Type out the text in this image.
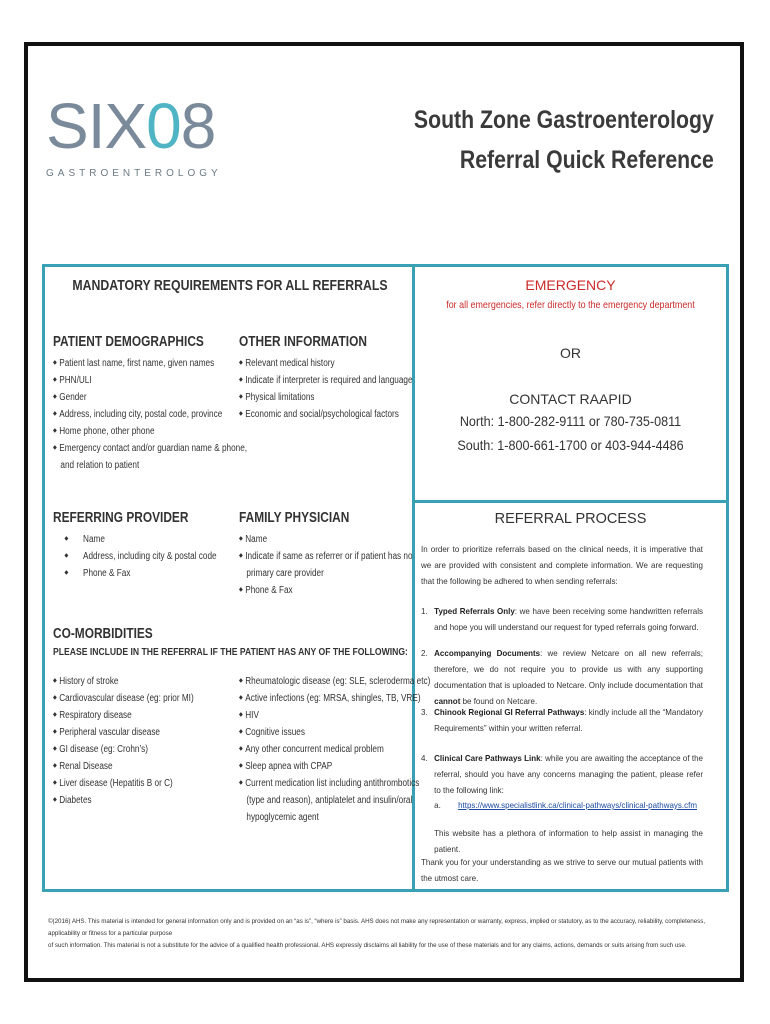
SIX 0 8
GASTROENTEROLOGY
South Zone Gastroenterology
Referral Quick Reference
MANDATORY REQUIREMENTS FOR ALL REFERRALS
PATIENT DEMOGRAPHICS
◆ Patient last name, first name, given names
◆ PHN/ULI
◆ Gender
◆ Address, including city, postal code, province
◆ Home phone, other phone
◆ Emergency contact and/or guardian name & phone,
and relation to patient
OTHER INFORMATION
◆ Relevant medical history
◆ Indicate if interpreter is required and language
◆ Physical limitations
◆ Economic and social/psychological factors
REFERRING PROVIDER
◆ Name
◆ Address, including city & postal code
◆ Phone & Fax
FAMILY PHYSICIAN
◆ Name
◆ Indicate if same as referrer or if patient has no
primary care provider
◆ Phone & Fax
CO-MORBIDITIES
PLEASE INCLUDE IN THE REFERRAL IF THE PATIENT HAS ANY OF THE FOLLOWING:
◆ History of stroke
◆ Cardiovascular disease (eg: prior MI)
◆ Respiratory disease
◆ Peripheral vascular disease
◆ GI disease (eg: Crohn’s)
◆ Renal Disease
◆ Liver disease (Hepatitis B or C)
◆ Diabetes
◆ Rheumatologic disease (eg: SLE, scleroderma etc)
◆ Active infections (eg: MRSA, shingles, TB, VRE)
◆ HIV
◆ Cognitive issues
◆ Any other concurrent medical problem
◆ Sleep apnea with CPAP
◆ Current medication list including antithrombotics
(type and reason), antiplatelet and insulin/oral
hypoglycemic agent
EMERGENCY
for all emergencies, refer directly to the emergency department
OR
CONTACT RAAPID
North: 1-800-282-9111 or 780-735-0811
South: 1-800-661-1700 or 403-944-4486
REFERRAL PROCESS
In order to prioritize referrals based on the clinical needs, it is imperative that we are provided with consistent and complete information. We are requesting that the following be adhered to when sending referrals:
1. Typed Referrals Only: we have been receiving some handwritten referrals and hope you will understand our request for typed referrals going forward.
2. Accompanying Documents: we review Netcare on all new referrals; therefore, we do not require you to provide us with any supporting documentation that is uploaded to Netcare. Only include documentation that cannot be found on Netcare.
3. Chinook Regional GI Referral Pathways: kindly include all the “Mandatory Requirements” within your written referral.
4. Clinical Care Pathways Link: while you are awaiting the acceptance of the referral, should you have any concerns managing the patient, please refer to the following link:
a. https://www.specialistlink.ca/clinical-pathways/clinical-pathways.cfm
This website has a plethora of information to help assist in managing the patient.
Thank you for your understanding as we strive to serve our mutual patients with the utmost care.
©(2016) AHS. This material is intended for general information only and is provided on an “as is”, “where is” basis. AHS does not make any representation or warranty, express, implied or statutory, as to the accuracy, reliability, completeness, applicability or fitness for a particular purpose
of such information. This material is not a substitute for the advice of a qualified health professional. AHS expressly disclaims all liability for the use of these materials and for any claims, actions, demands or suits arising from such use.
